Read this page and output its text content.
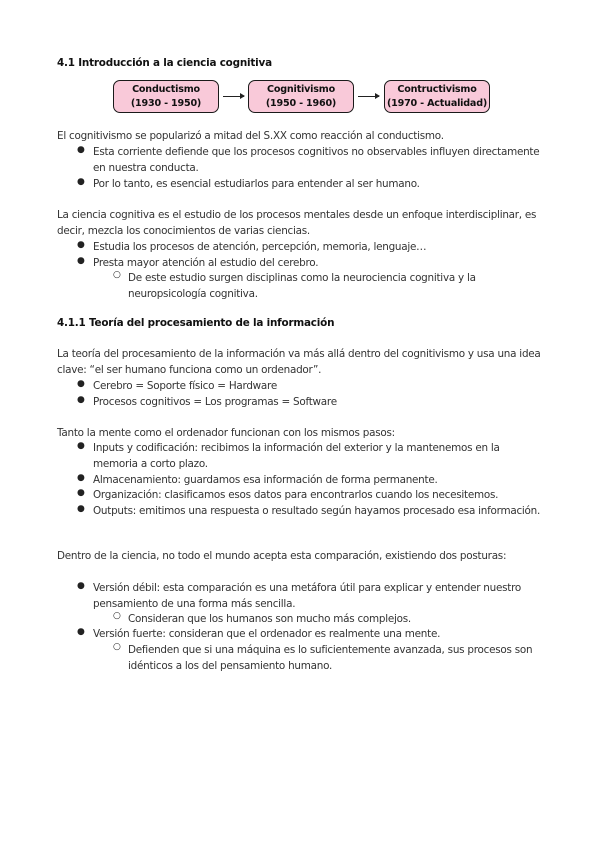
4.1 Introducción a la ciencia cognitiva
Conductismo
(1930 - 1950)
Cognitivismo
(1950 - 1960)
Contructivismo
(1970 - Actualidad)
El cognitivismo se popularizó a mitad del S.XX como reacción al conductismo.
● Esta corriente defiende que los procesos cognitivos no observables influyen directamente en nuestra conducta.
● Por lo tanto, es esencial estudiarlos para entender al ser humano.
La ciencia cognitiva es el estudio de los procesos mentales desde un enfoque interdisciplinar, es decir, mezcla los conocimientos de varias ciencias.
● Estudia los procesos de atención, percepción, memoria, lenguaje…
● Presta mayor atención al estudio del cerebro.
○ De este estudio surgen disciplinas como la neurociencia cognitiva y la neuropsicología cognitiva.
4.1.1 Teoría del procesamiento de la información
La teoría del procesamiento de la información va más allá dentro del cognitivismo y usa una idea clave: “el ser humano funciona como un ordenador”.
● Cerebro = Soporte físico = Hardware
● Procesos cognitivos = Los programas = Software
Tanto la mente como el ordenador funcionan con los mismos pasos:
● Inputs y codificación: recibimos la información del exterior y la mantenemos en la memoria a corto plazo.
● Almacenamiento: guardamos esa información de forma permanente.
● Organización: clasificamos esos datos para encontrarlos cuando los necesitemos.
● Outputs: emitimos una respuesta o resultado según hayamos procesado esa información.
Dentro de la ciencia, no todo el mundo acepta esta comparación, existiendo dos posturas:
● Versión débil: esta comparación es una metáfora útil para explicar y entender nuestro pensamiento de una forma más sencilla.
○ Consideran que los humanos son mucho más complejos.
● Versión fuerte: consideran que el ordenador es realmente una mente.
○ Defienden que si una máquina es lo suficientemente avanzada, sus procesos son idénticos a los del pensamiento humano.
